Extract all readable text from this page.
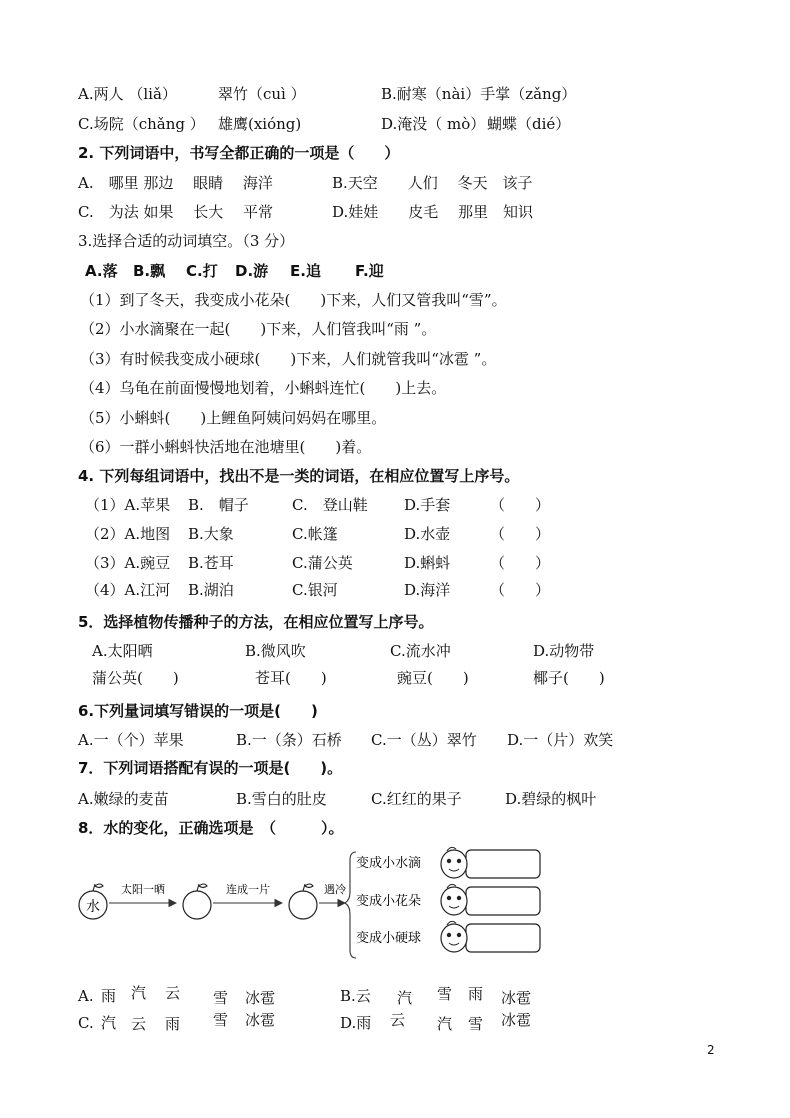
A.两人 （liǎ）	翠竹（cuì ）	B.耐寒（nài）手掌（zǎng）
C.场院（chǎng ） 雄鹰(xióng)	D.淹没（ mò） 蝴蝶（dié）
2. 下列词语中，书写全都正确的一项是（　　）
A.　哪里 那边　 眼睛　 海洋	B.天空　　人们　 冬天　该子
C.　为法 如果　 长大　 平常	D.娃娃　　皮毛　 那里　知识
3.选择合适的动词填空。（3 分）
A.落 B.飘 C.打 D.游 E.追 F.迎
（1）到了冬天，我变成小花朵(　　)下来，人们又管我叫“雪”。
（2）小水滴聚在一起(　　)下来，人们管我叫“雨 ”。
（3）有时候我变成小硬球(　　)下来，人们就管我叫“冰雹 ”。
（4）乌龟在前面慢慢地划着，小蝌蚪连忙(　　)上去。
（5）小蝌蚪(　　)上鲤鱼阿姨问妈妈在哪里。
（6）一群小蝌蚪快活地在池塘里(　　)着。
4. 下列每组词语中，找出不是一类的词语，在相应位置写上序号。
（1）A.苹果 B.　帽子	C.　登山鞋 D.手套	（　　）
（2）A.地图 B.大象	C.帐篷	D.水壶	（　　）
（3）A.豌豆 B.苍耳	C.蒲公英	D.蝌蚪	（　　）
（4）A.江河 B.湖泊	C.银河	D.海洋	（　　）
5．选择植物传播种子的方法，在相应位置写上序号。
A.太阳晒	B.微风吹	C.流水冲	D.动物带
蒲公英(　　)	苍耳(　　)	豌豆(　　)	椰子(　　)
6.下列量词填写错误的一项是(　　)
A.一（个）苹果	B.一（条）石桥 C.一（丛）翠竹 D.一（片）欢笑
7．下列词语搭配有误的一项是(　　)。
A.嫩绿的麦苗	B.雪白的肚皮	C.红红的果子	D.碧绿的枫叶
8．水的变化，正确选项是　（　　　）。
水
太阳一晒	连成一片	遇冷
变成小水滴
变成小花朵
变成小硬球
A. 雨 汽 云 雪 冰雹	B.云 汽 雪 雨 冰雹
C. 汽 云 雨 雪 冰雹	D.雨 云 汽 雪 冰雹
2
